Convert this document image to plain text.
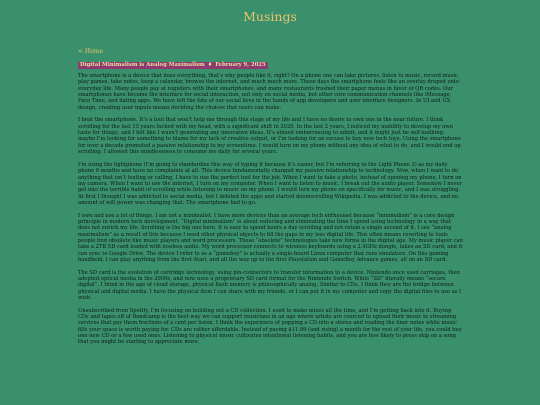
Musings
< Home
Digital Minimalism is Analog Maximalism ♦ February 9, 2025

The smartphone is a device that does everything, that’s why people like it, right? On a phone one can take pictures, listen to music, record music, play games, take notes, keep a calendar, browse the internet, and much much more. These days the smartphone feels like an overlay draped onto everyday life. Many people pay at registers with their smartphones, and many restaurants trashed their paper menus in favor of QR codes. Our smartphones have become the interface for social interaction, not only on social media, but other core communication channels like iMessage, Face Time, and dating apps. We have left the fate of our social lives in the hands of app developers and user interface designers. In UI and UX design, creating user inputs means deciding the choices that users can make.

I beat the smartphone. It’s a tool that won’t help me through this stage of my life and I have no desire to own one in the near future. I think scrolling for the last 15 years fucked with my head, with a significant shift in 2020. In the last 2 years, I noticed my inability to develop my own taste for things, and I felt like I wasn’t generating any innovative ideas. It’s almost embarrassing to admit, and it might just be self-loathing; maybe I’m looking for something to blame for my lack of creative output, or I’m looking for an excuse to buy new tech toys. Using the smartphone for over a decade promoted a passive relationship to my screentime. I would turn on my phone without any idea of what to do, and I would end up scrolling. I allowed this mindlessness to consume me daily for several years.

I’m using the lightphone (I’m going to standardize this way of typing it because it’s easier, but I’m referring to the Light Phone 2) as my daily phone 9 months and have no complaints at all. This device fundamentally changed my passive relationship to technology. Now, when I want to do anything that isn’t texting or calling, I have to use the perfect tool for the job. When I want to take a photo, instead of opening my phone, I turn on my camera. When I want to use the internet, I turn on my computer. When I want to listen to music, I break out the audio player. Somehow I never got into the terrible habit of scrolling while listening to music on my phone. I would turn my phone on specifically for music, and I was struggling. At first I thought I was addicted to social media, but I deleted the apps and started doomscrolling Wikipedia. I was addicted to the device, and no amount of will power was changing that. The smartphone had to go.

I own and use a lot of things. I am not a minimalist. I have more devices than an average tech enthusiast because “minimalism” is a core design principle in modern tech development. “Digital minimalism” is about reducing and eliminating the time I spend using technology in a way that does not enrich my life. Scrolling is the big one here. It is easy to spend hours a day scrolling and not retain a single second of it. I see “analog maximalism” as a result of this because I need other physical objects to fill the gaps in my less digital life. This often means reverting to tools people find obsolete like music players and word processors. These “obsolete” technologies take new forms in the digital age. My music player can take a 2TB SD card loaded with lossless audio. My word processor connects to wireless keyboards using a 2.4GHz dongle, takes an SD card, and it can sync to Google Drive. The device I refer to as a “gameboy” is actually a single-board Linux computer that runs emulators. On this gaming handheld, I can play anything from the first Atari, and all the way up to the first Playstation and GameBoy Advance games, all on an SD card.

The SD card is the evolution of cartridge technology, using pin-connectors to transfer information to a device. Nintendo once used carriages, then adopted optical media in the 2000s, and now uses a proprietary SD card format for the Nintendo Switch. While “SD” literally means “secure digital”, I think in the age of cloud storage, physical flash memory is philosophically analog. Similar to CDs, I think they are the bridge between physical and digital media. I have the physical item I can share with my friends, or I can put it in my computer and copy the digital files to use as I wish.

Unsubscribed from Spotify, I’m focusing on building out a CD collection. I used to make mixes all the time, and I’m getting back into it. Buying CDs and tapes off of Bandcamp is the best way we can support musicians in an age where artists are coerced to upload their music to streaming services that pay them fractions of a cent per listen. I think the experience of popping a CD into a stereo and reading the liner notes while music fills your space is worth paying for. CDs are rather affordable. Instead of paying $11.99 (and rising) a month for the rest of your life, you could buy one new CD or a few used ones. Listening to physical music cultivates intentional listening habits, and you are less likely to press skip on a song that you might be starting to appreciate more.
